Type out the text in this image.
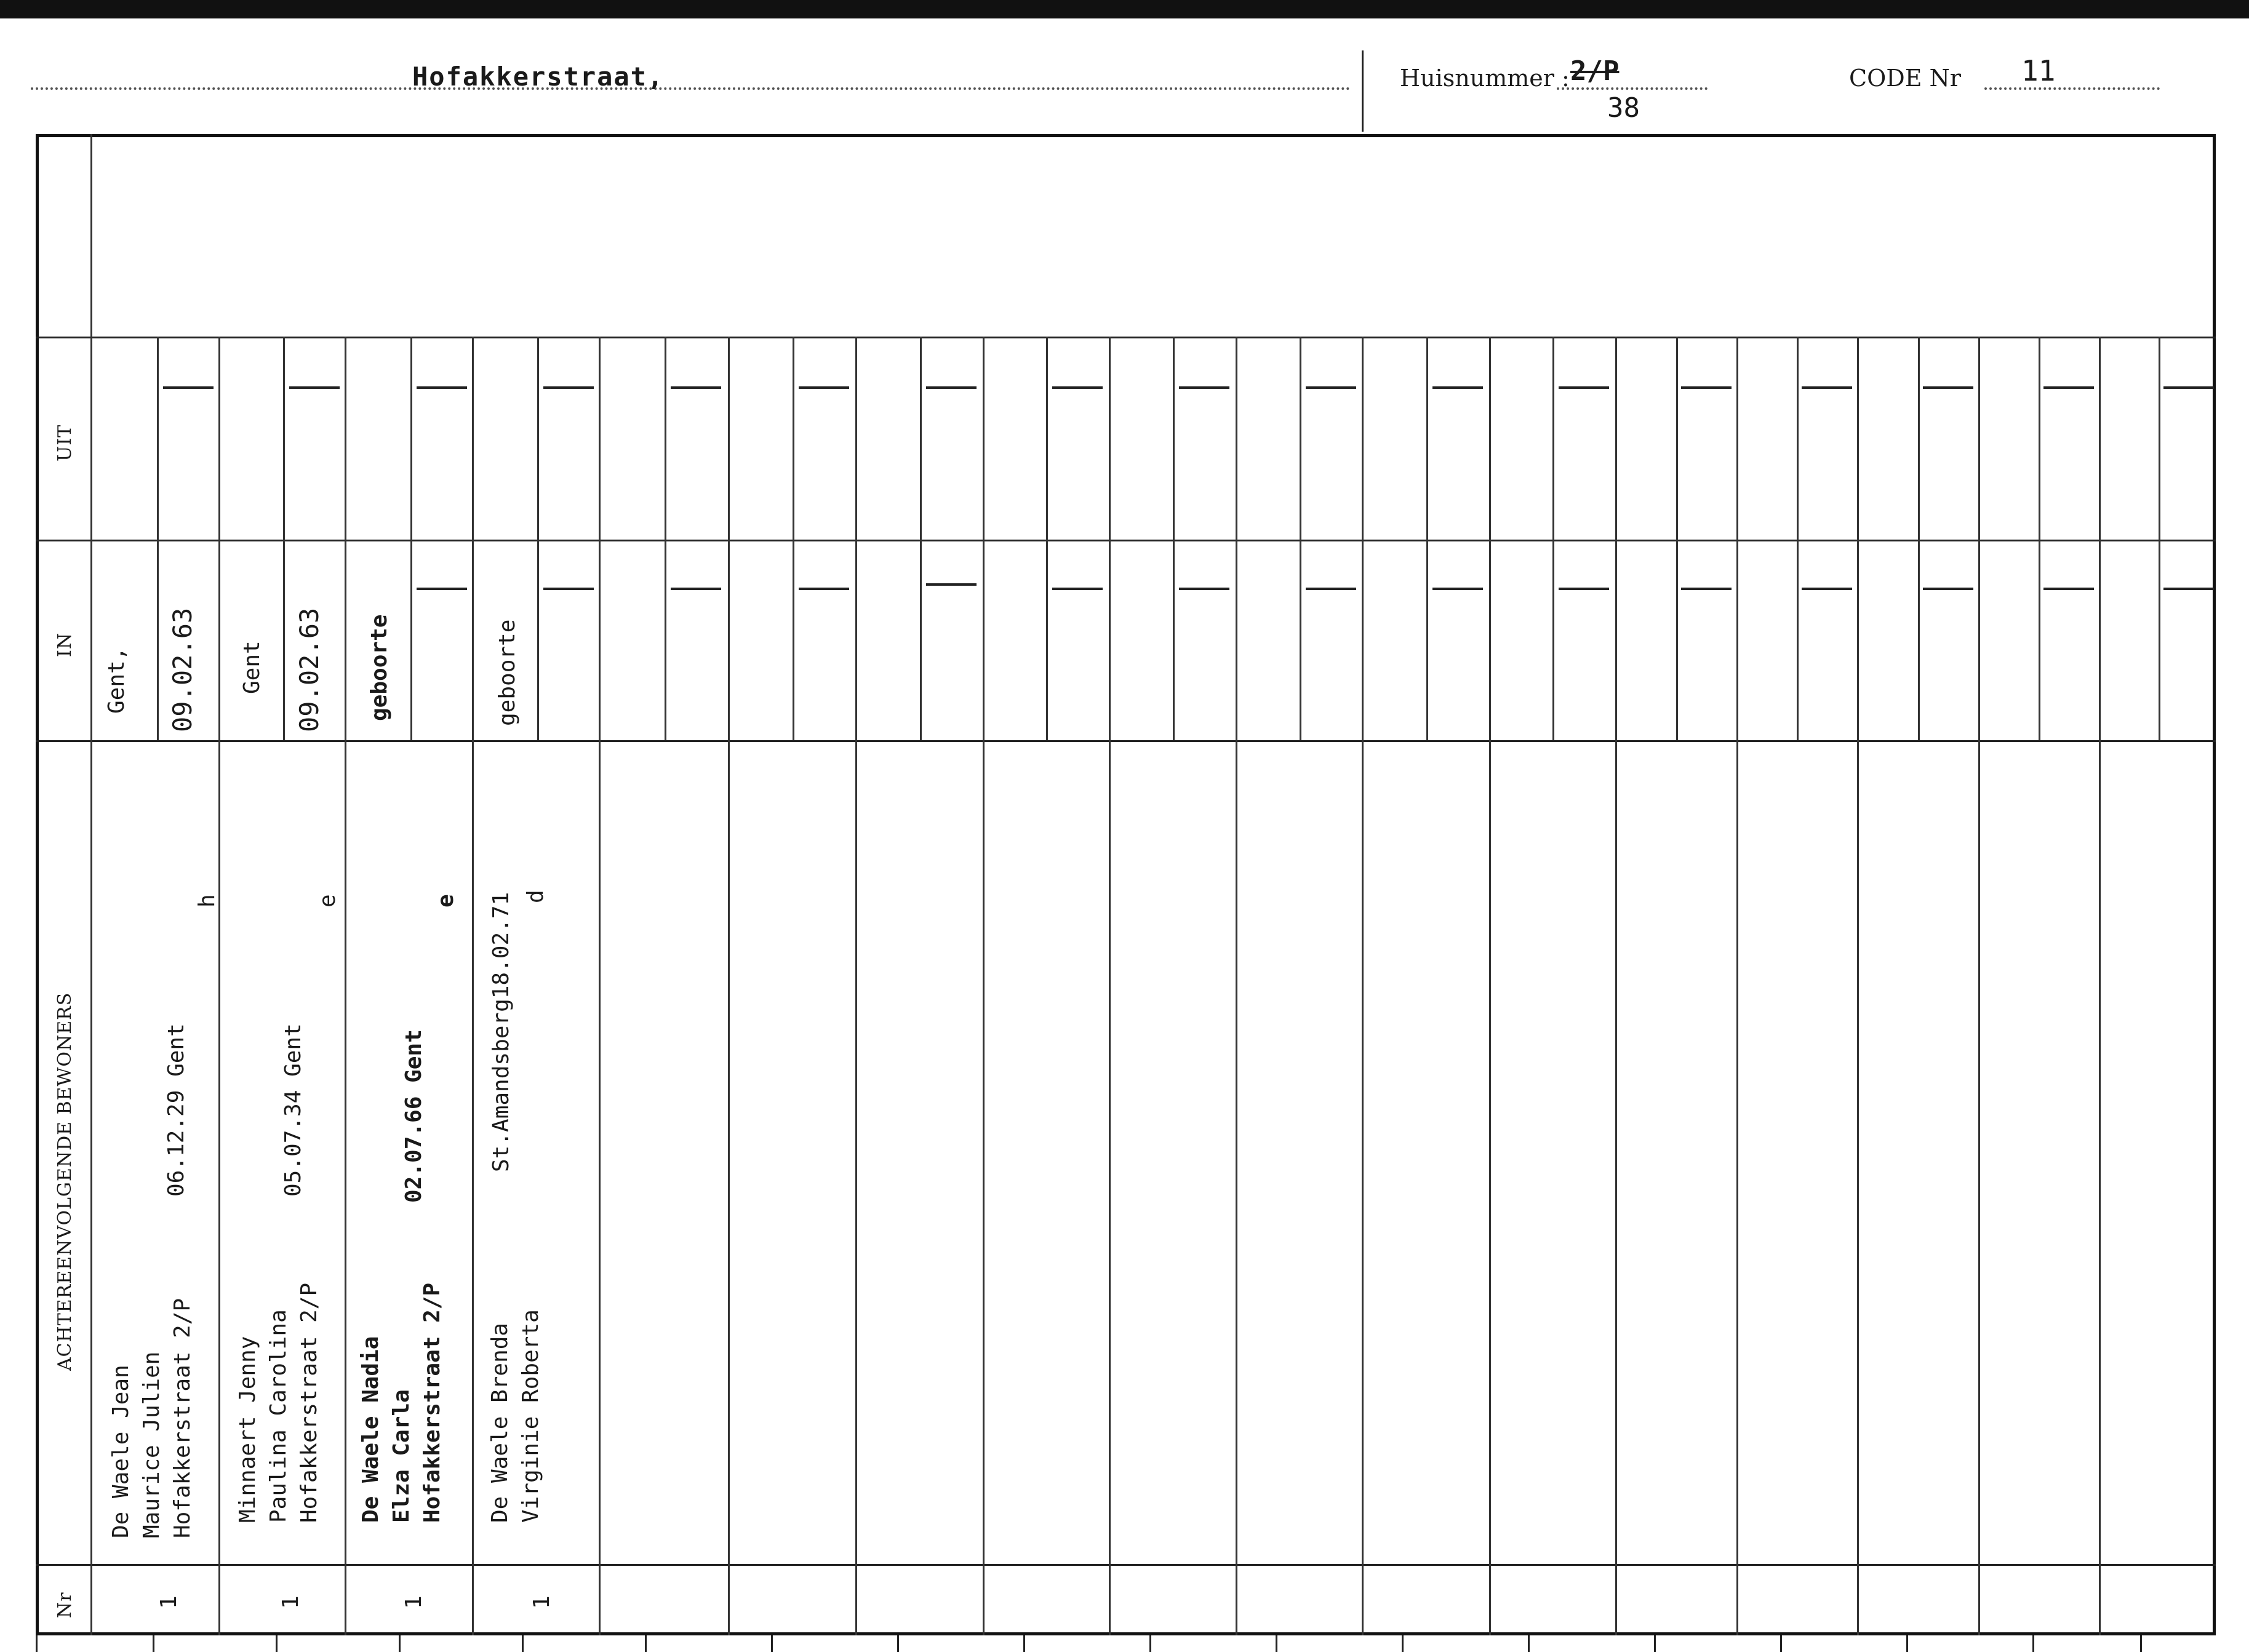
Hofakkerstraat,	Huisnummer : 2/P
38
CODE Nr 11
UIT
IN
ACHTEREENVOLGENDE BEWONERS
Nr	1
De Waele Jean Maurice Julien Hofakkerstraat 2/P
06.12.29 Gent
h
Gent, 09.02.63
1
Minnaert Jenny Paulina Carolina Hofakkerstraat 2/P
05.07.34 Gent
e
Gent 09.02.63
1
De Waele Nadia Elza Carla Hofakkerstraat 2/P
02.07.66 Gent
e
geboorte
1
De Waele Brenda Virginie Roberta
St.Amandsberg18.02.71 d
geboorte
